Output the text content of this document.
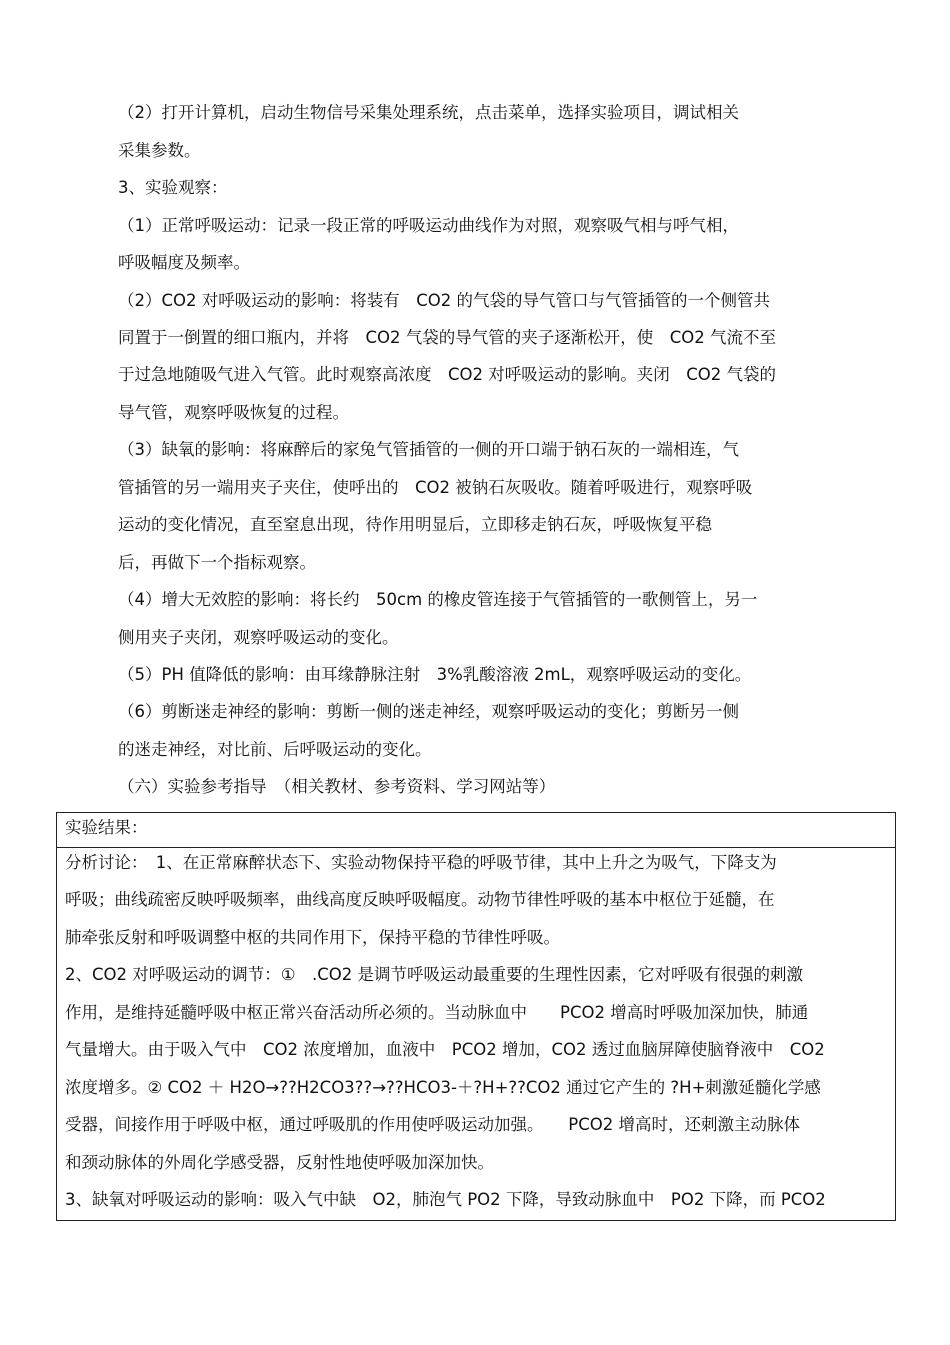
（2）打开计算机，启动生物信号采集处理系统，点击菜单，选择实验项目，调试相关
采集参数。
3、实验观察：
（1）正常呼吸运动：记录一段正常的呼吸运动曲线作为对照，观察吸气相与呼气相，
呼吸幅度及频率。
（2）CO2 对呼吸运动的影响：将装有　CO2 的气袋的导气管口与气管插管的一个侧管共
同置于一倒置的细口瓶内，并将　CO2 气袋的导气管的夹子逐渐松开，使　CO2 气流不至
于过急地随吸气进入气管。此时观察高浓度　CO2 对呼吸运动的影响。夹闭　CO2 气袋的
导气管，观察呼吸恢复的过程。
（3）缺氧的影响：将麻醉后的家兔气管插管的一侧的开口端于钠石灰的一端相连，气
管插管的另一端用夹子夹住，使呼出的　CO2 被钠石灰吸收。随着呼吸进行，观察呼吸
运动的变化情况，直至窒息出现，待作用明显后，立即移走钠石灰，呼吸恢复平稳
后，再做下一个指标观察。
（4）增大无效腔的影响：将长约　50cm 的橡皮管连接于气管插管的一歌侧管上，另一
侧用夹子夹闭，观察呼吸运动的变化。
（5）PH 值降低的影响：由耳缘静脉注射　3%乳酸溶液 2mL，观察呼吸运动的变化。
（6）剪断迷走神经的影响：剪断一侧的迷走神经，观察呼吸运动的变化；剪断另一侧
的迷走神经，对比前、后呼吸运动的变化。
（六）实验参考指导　（相关教材、参考资料、学习网站等）
实验结果：
分析讨论：　1、在正常麻醉状态下、实验动物保持平稳的呼吸节律，其中上升之为吸气，下降支为
呼吸；曲线疏密反映呼吸频率，曲线高度反映呼吸幅度。动物节律性呼吸的基本中枢位于延髓，在
肺牵张反射和呼吸调整中枢的共同作用下，保持平稳的节律性呼吸。
2、CO2 对呼吸运动的调节：①　.CO2 是调节呼吸运动最重要的生理性因素，它对呼吸有很强的刺激
作用，是维持延髓呼吸中枢正常兴奋活动所必须的。当动脉血中　　PCO2 增高时呼吸加深加快，肺通
气量增大。由于吸入气中　CO2 浓度增加，血液中　PCO2 增加，CO2 透过血脑屏障使脑脊液中　CO2
浓度增多。② CO2 ＋ H2O→??H2CO3??→??HCO3-＋?H+??CO2 通过它产生的 ?H+刺激延髓化学感
受器，间接作用于呼吸中枢，通过呼吸肌的作用使呼吸运动加强。　　PCO2 增高时，还刺激主动脉体
和颈动脉体的外周化学感受器，反射性地使呼吸加深加快。
3、缺氧对呼吸运动的影响：吸入气中缺　O2，肺泡气 PO2 下降，导致动脉血中　PO2 下降，而 PCO2
